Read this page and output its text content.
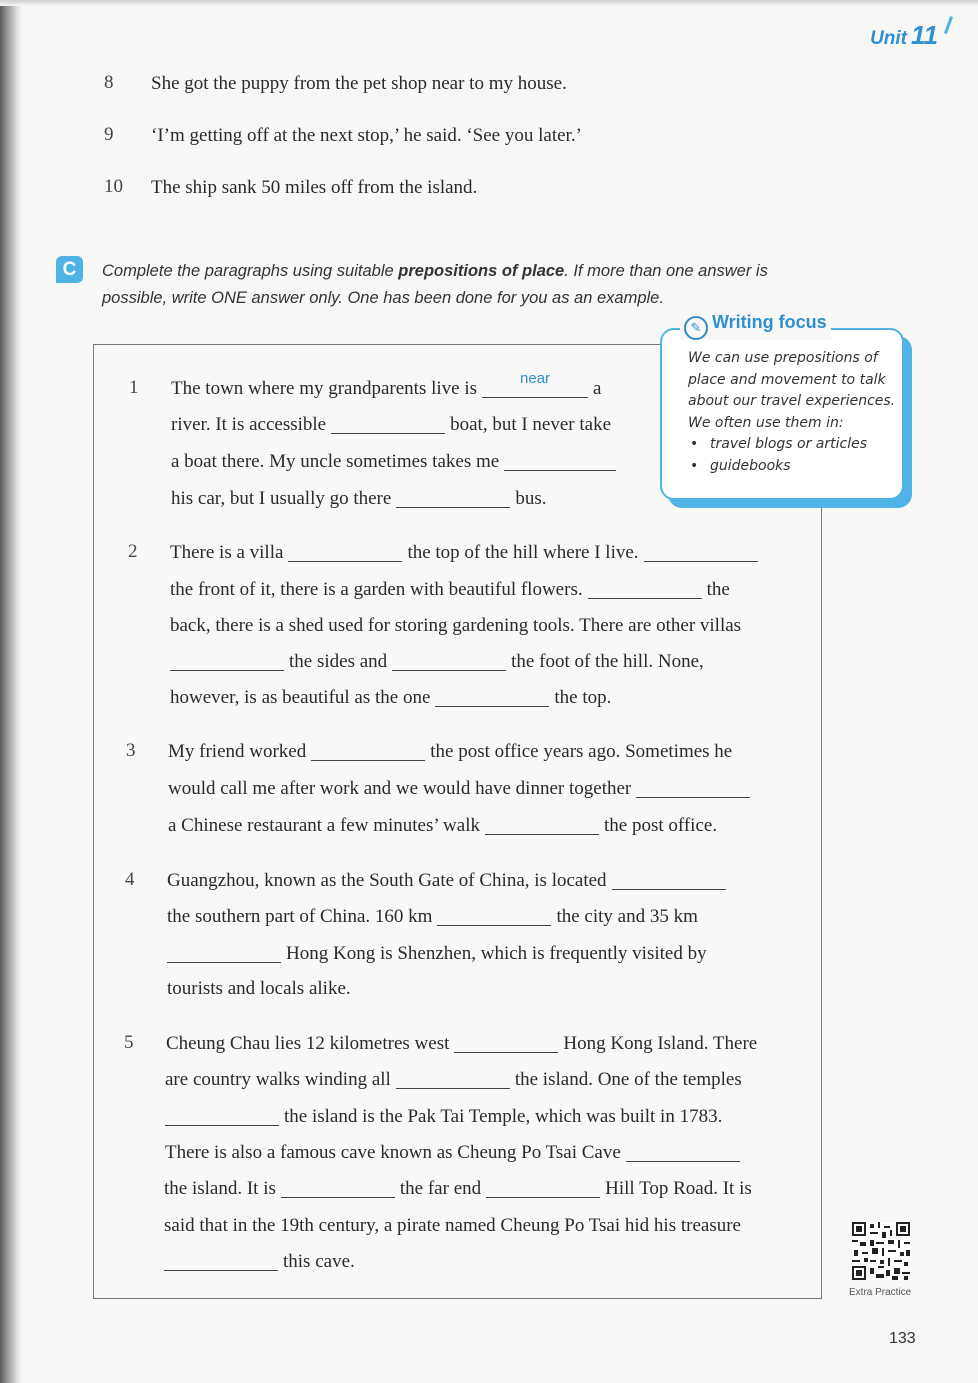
Unit 11
8 She got the puppy from the pet shop near to my house.
9 ‘I’m getting off at the next stop,’ he said. ‘See you later.’
10 The ship sank 50 miles off from the island.
C	Complete the paragraphs using suitable prepositions of place. If more than one answer is
possible, write ONE answer only. One has been done for you as an example.
✎ Writing focus
We can use prepositions of
place and movement to talk
about our travel experiences.
We often use them in:
• travel blogs or articles
• guidebooks
1 The town where my grandparents live is	near	a
river. It is accessible	boat, but I never take
a boat there. My uncle sometimes takes me
his car, but I usually go there	bus.
2 There is a villa	the top of the hill where I live.
the front of it, there is a garden with beautiful flowers.	the
back, there is a shed used for storing gardening tools. There are other villas
the sides and	the foot of the hill. None,
however, is as beautiful as the one	the top.
3 My friend worked	the post office years ago. Sometimes he
would call me after work and we would have dinner together
a Chinese restaurant a few minutes’ walk	the post office.
4 Guangzhou, known as the South Gate of China, is located
the southern part of China. 160 km	the city and 35 km
Hong Kong is Shenzhen, which is frequently visited by
tourists and locals alike.
5 Cheung Chau lies 12 kilometres west	Hong Kong Island. There
are country walks winding all	the island. One of the temples
the island is the Pak Tai Temple, which was built in 1783.
There is also a famous cave known as Cheung Po Tsai Cave
the island. It is	the far end	Hill Top Road. It is
said that in the 19th century, a pirate named Cheung Po Tsai hid his treasure
this cave.
Extra Practice
133
